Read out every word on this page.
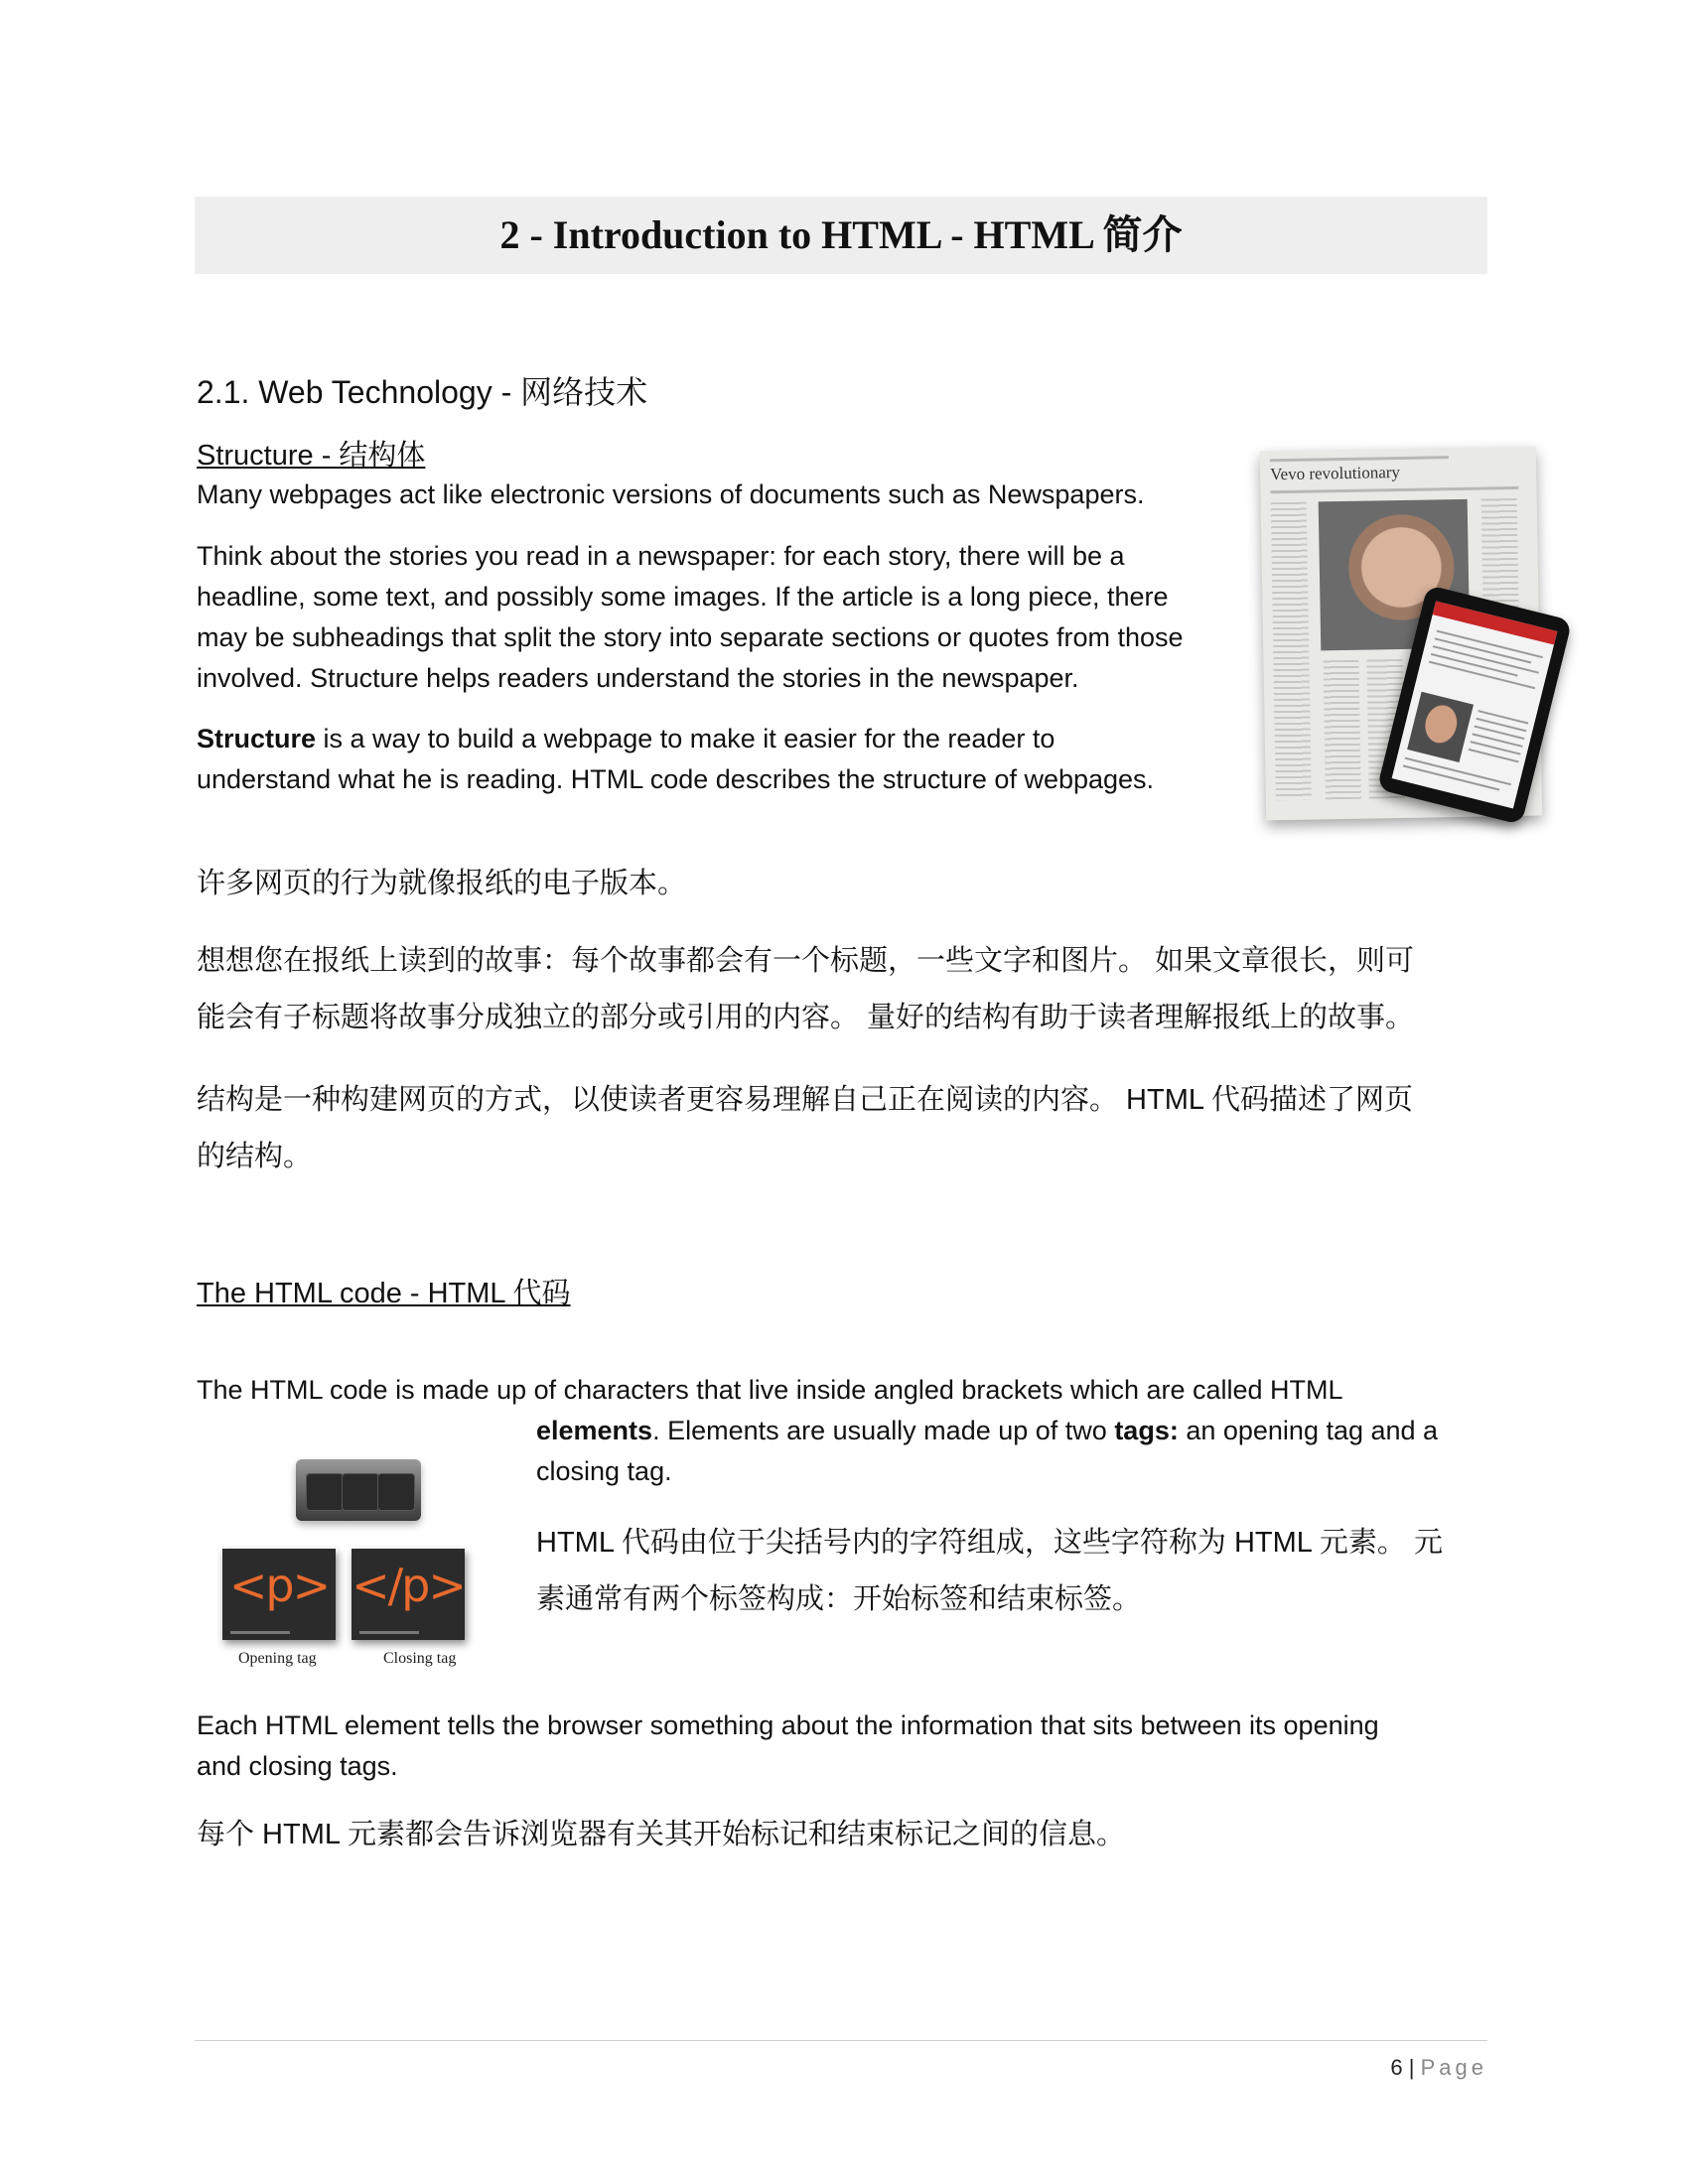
2 - Introduction to HTML - HTML 简介
2.1. Web Technology - 网络技术
Structure - 结构体
Many webpages act like electronic versions of documents such as Newspapers.
Think about the stories you read in a newspaper: for each story, there will be a
headline, some text, and possibly some images. If the article is a long piece, there
may be subheadings that split the story into separate sections or quotes from those
involved. Structure helps readers understand the stories in the newspaper.
Structure is a way to build a webpage to make it easier for the reader to
understand what he is reading. HTML code describes the structure of webpages.
Vevo revolutionary
许多网页的行为就像报纸的电子版本。
想想您在报纸上读到的故事：每个故事都会有一个标题，一些文字和图片。 如果文章很长，则可
能会有子标题将故事分成独立的部分或引用的内容。 量好的结构有助于读者理解报纸上的故事。
结构是一种构建网页的方式，以使读者更容易理解自己正在阅读的内容。 HTML 代码描述了网页
的结构。
The HTML code - HTML 代码
The HTML code is made up of characters that live inside angled brackets which are called HTML
elements. Elements are usually made up of two tags: an opening tag and a
closing tag.
HTML 代码由位于尖括号内的字符组成，这些字符称为 HTML 元素。 元
素通常有两个标签构成：开始标签和结束标签。
<p> </p>
Opening tag	Closing tag
Each HTML element tells the browser something about the information that sits between its opening
and closing tags.
每个 HTML 元素都会告诉浏览器有关其开始标记和结束标记之间的信息。
6 | Page
